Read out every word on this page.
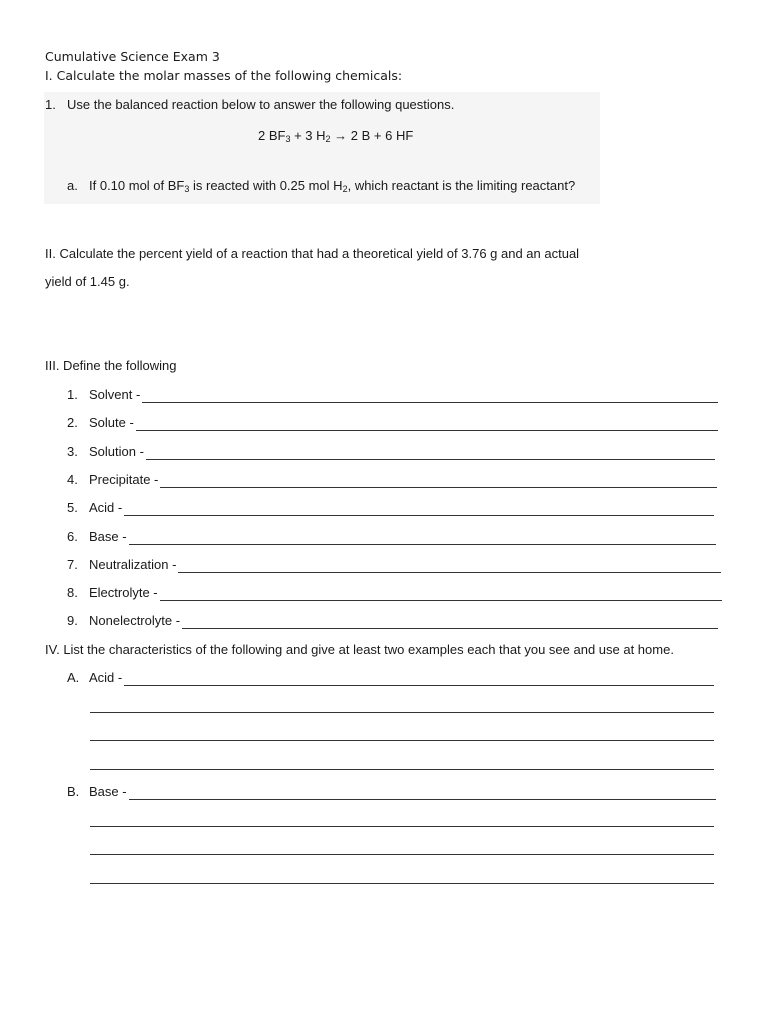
Cumulative Science Exam 3
I. Calculate the molar masses of the following chemicals:
1. Use the balanced reaction below to answer the following questions.
2 $BF_3 + 3$ $H_2 \to 2$ B + 6 HF
a. If 0.10 mol of $BF_3$ is reacted with 0.25 mol $H_2$, which reactant is the limiting reactant?
II. Calculate the percent yield of a reaction that had a theoretical yield of 3.76 g and an actual
yield of 1.45 g.
III. Define the following
1. Solvent -
2. Solute -
3. Solution -
4. Precipitate -
5. Acid -
6. Base -
7. Neutralization -
8. Electrolyte -
9. Nonelectrolyte -
IV. List the characteristics of the following and give at least two examples each that you see and use at home.
A. Acid -
B. Base -
